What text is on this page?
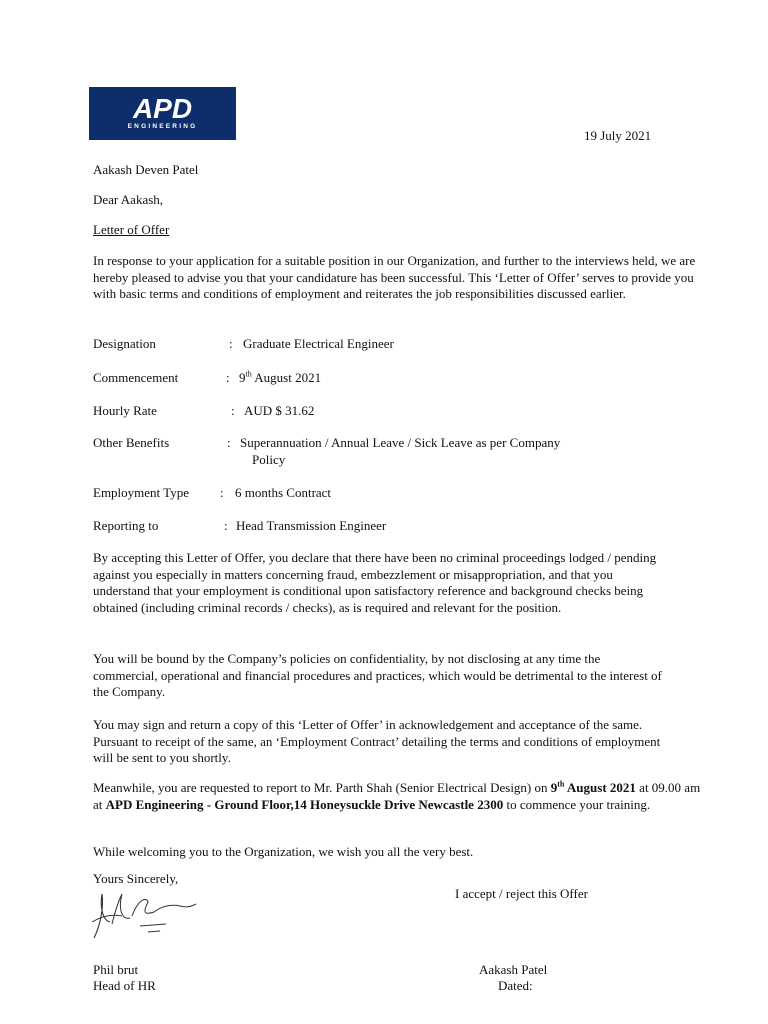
APD
ENGINEERING
19 July 2021
Aakash Deven Patel
Dear Aakash,
Letter of Offer
In response to your application for a suitable position in our Organization, and further to the interviews held, we are hereby pleased to advise you that your candidature has been successful. This ‘Letter of Offer’ serves to provide you with basic terms and conditions of employment and reiterates the job responsibilities discussed earlier.
Designation	: Graduate Electrical Engineer
Commencement	: 9th August 2021
Hourly Rate	: AUD $ 31.62
Other Benefits	: Superannuation / Annual Leave / Sick Leave as per Company
Policy
Employment Type : 6 months Contract
Reporting to	: Head Transmission Engineer
By accepting this Letter of Offer, you declare that there have been no criminal proceedings lodged / pending against you especially in matters concerning fraud, embezzlement or misappropriation, and that you understand that your employment is conditional upon satisfactory reference and background checks being obtained (including criminal records / checks), as is required and relevant for the position.
You will be bound by the Company’s policies on confidentiality, by not disclosing at any time the commercial, operational and financial procedures and practices, which would be detrimental to the interest of the Company.
You may sign and return a copy of this ‘Letter of Offer’ in acknowledgement and acceptance of the same. Pursuant to receipt of the same, an ‘Employment Contract’ detailing the terms and conditions of employment will be sent to you shortly.
Meanwhile, you are requested to report to Mr. Parth Shah (Senior Electrical Design) on 9th August 2021 at 09.00 am at APD Engineering - Ground Floor,14 Honeysuckle Drive Newcastle 2300 to commence your training.
While welcoming you to the Organization, we wish you all the very best.
Yours Sincerely,
I accept / reject this Offer
Phil brut
Head of HR
Aakash Patel
Dated:
